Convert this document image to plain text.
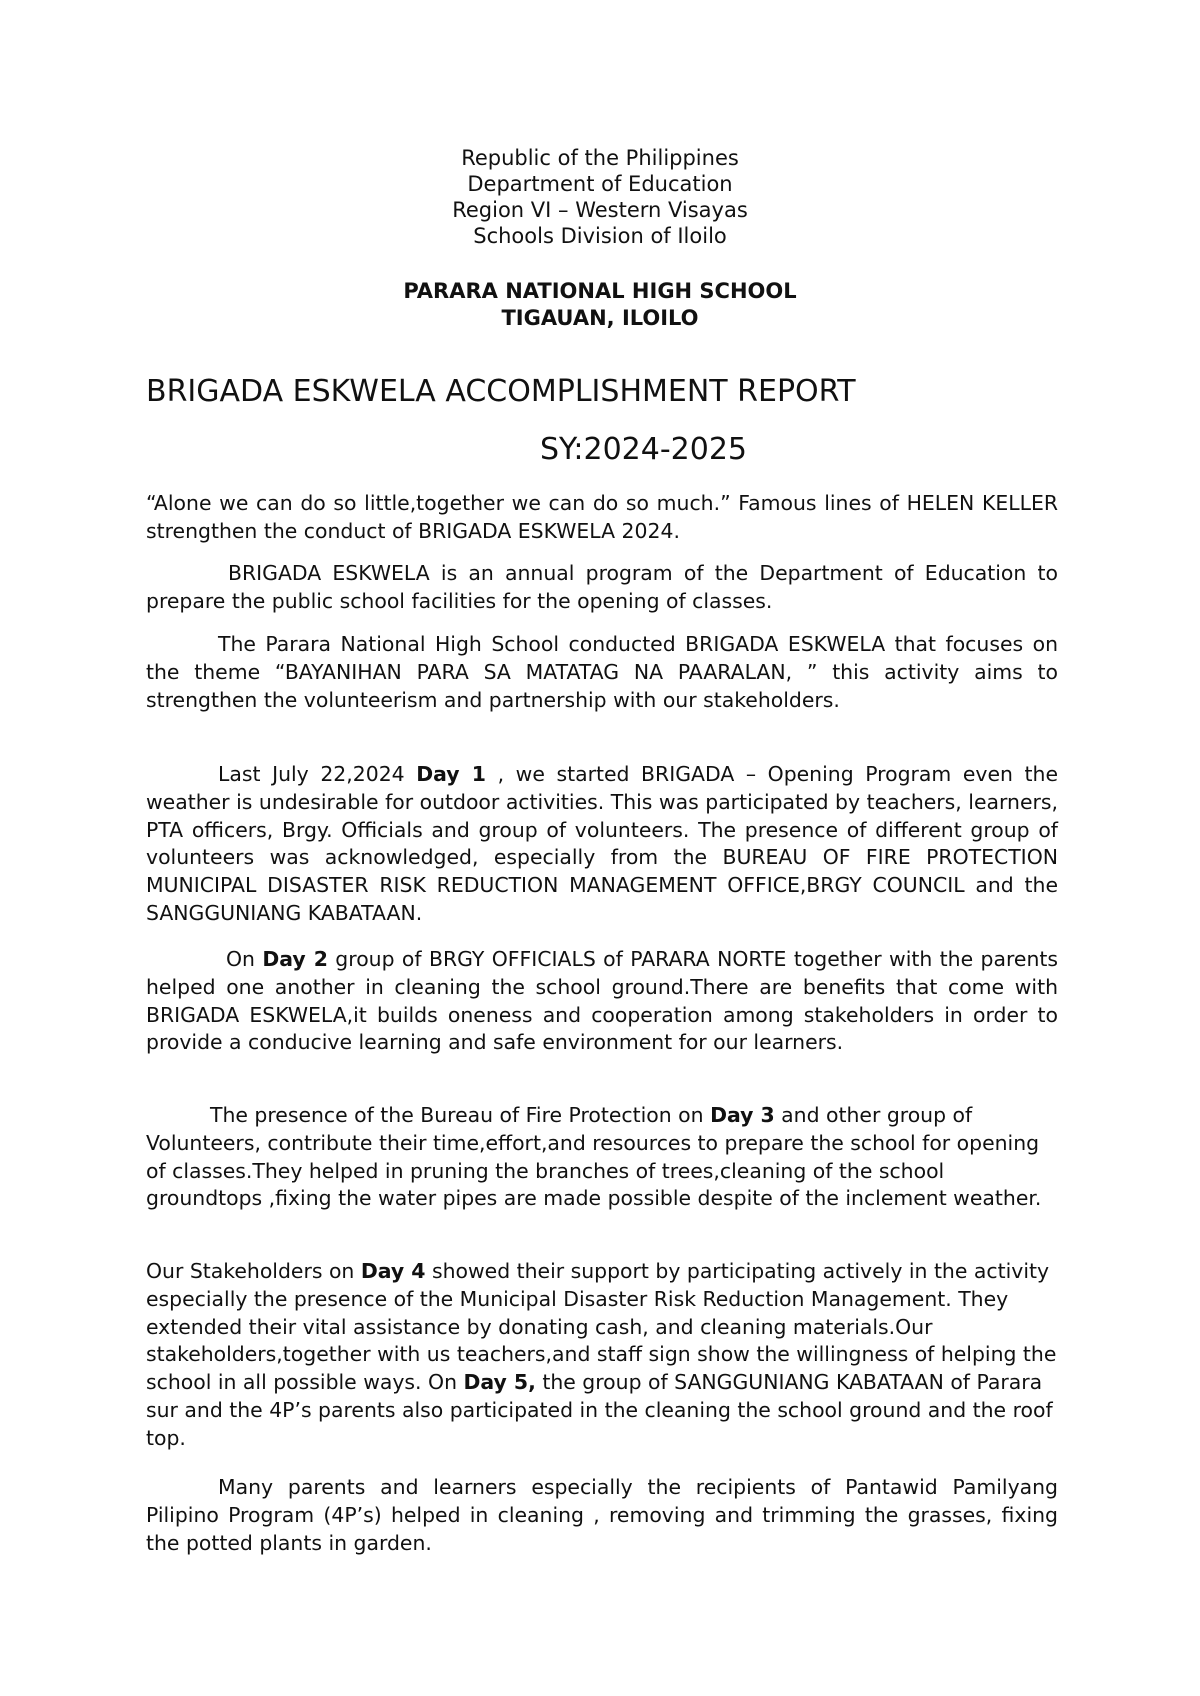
Republic of the Philippines
Department of Education
Region VI – Western Visayas
Schools Division of Iloilo
PARARA NATIONAL HIGH SCHOOL
TIGAUAN, ILOILO
BRIGADA ESKWELA ACCOMPLISHMENT REPORT
SY:2024-2025

“Alone we can do so little,together we can do so much.” Famous lines of HELEN KELLER strengthen the conduct of BRIGADA ESKWELA 2024.

BRIGADA ESKWELA is an annual program of the Department of Education to prepare the public school facilities for the opening of classes.

The Parara National High School conducted BRIGADA ESKWELA that focuses on the theme “BAYANIHAN PARA SA MATATAG NA PAARALAN, ” this activity aims to strengthen the volunteerism and partnership with our stakeholders.

Last July 22,2024 Day 1 , we started BRIGADA – Opening Program even the weather is undesirable for outdoor activities. This was participated by teachers, learners, PTA officers, Brgy. Officials and group of volunteers. The presence of different group of volunteers was acknowledged, especially from the BUREAU OF FIRE PROTECTION MUNICIPAL DISASTER RISK REDUCTION MANAGEMENT OFFICE,BRGY COUNCIL and the SANGGUNIANG KABATAAN.

On Day 2 group of BRGY OFFICIALS of PARARA NORTE together with the parents helped one another in cleaning the school ground.There are benefits that come with BRIGADA ESKWELA,it builds oneness and cooperation among stakeholders in order to provide a conducive learning and safe environment for our learners.

The presence of the Bureau of Fire Protection on Day 3 and other group of Volunteers, contribute their time,effort,and resources to prepare the school for opening of classes.They helped in pruning the branches of trees,cleaning of the school groundtops ,fixing the water pipes are made possible despite of the inclement weather.

Our Stakeholders on Day 4 showed their support by participating actively in the activity especially the presence of the Municipal Disaster Risk Reduction Management. They extended their vital assistance by donating cash, and cleaning materials.Our stakeholders,together with us teachers,and staff sign show the willingness of helping the school in all possible ways. On Day 5, the group of SANGGUNIANG KABATAAN of Parara sur and the 4P’s parents also participated in the cleaning the school ground and the roof top.

Many parents and learners especially the recipients of Pantawid Pamilyang Pilipino Program (4P’s) helped in cleaning , removing and trimming the grasses, fixing the potted plants in garden.
